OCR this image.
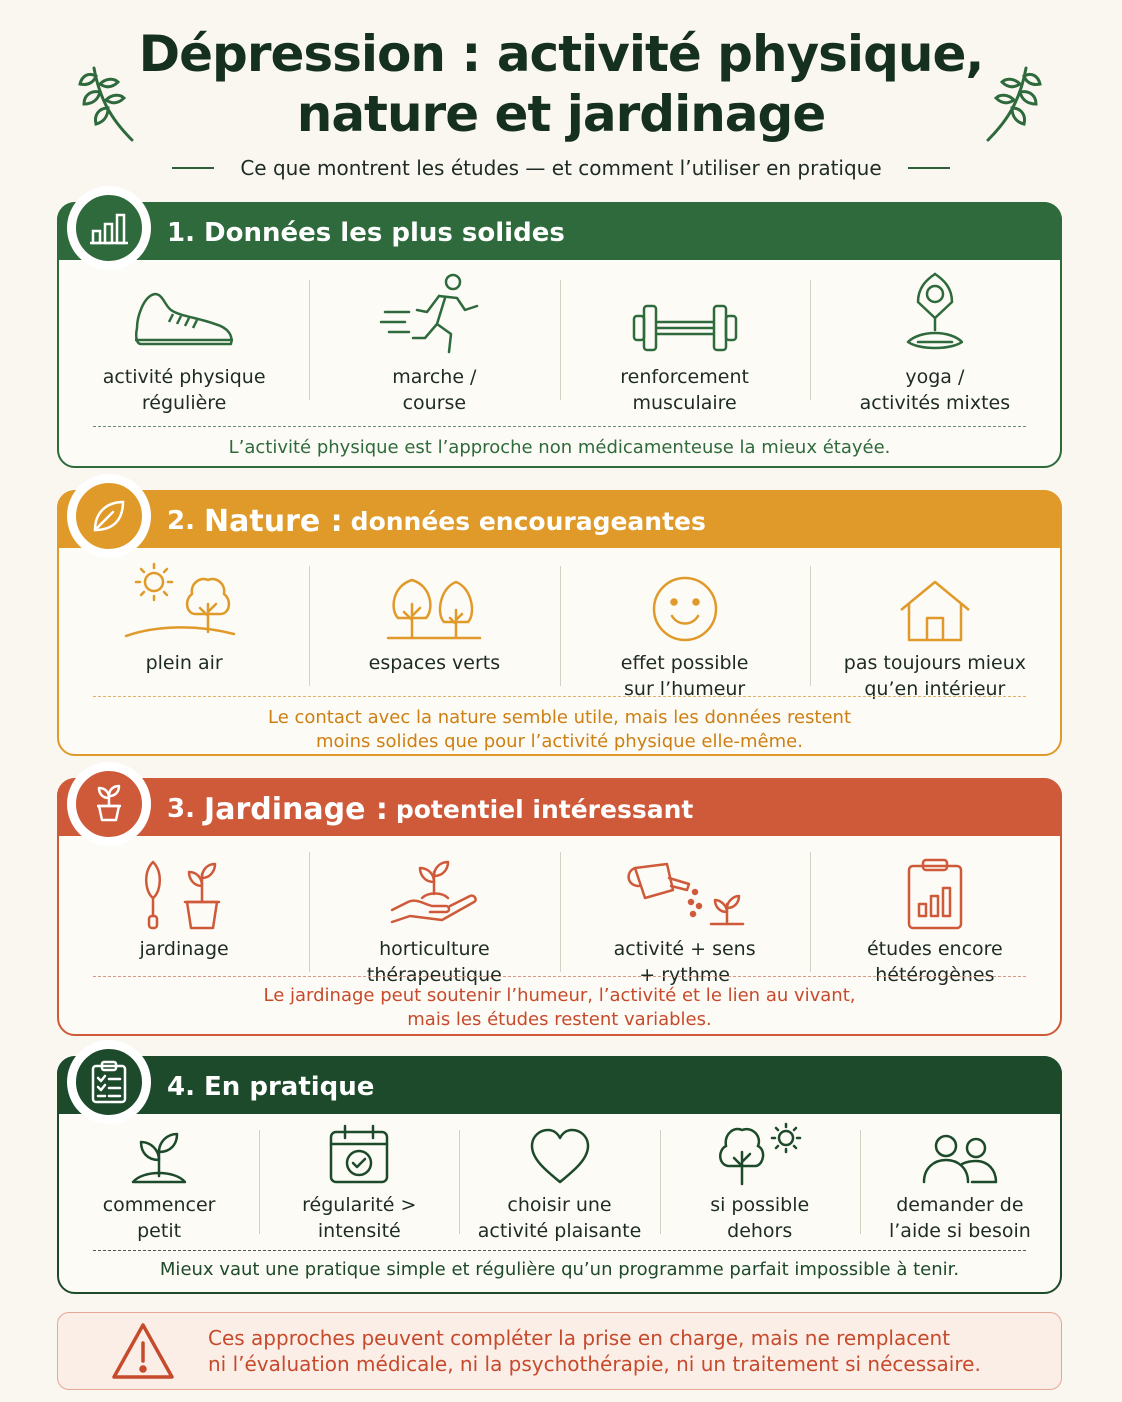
Dépression : activité physique,
nature et jardinage
Ce que montrent les études — et comment l’utiliser en pratique
1.
Données les plus solides
activité physique
régulière
marche /
course
renforcement
musculaire
yoga /
activités mixtes
L’activité physique est l’approche non médicamenteuse la mieux étayée.
2.
Nature : données encourageantes
plein air	espaces verts	effet possible
sur l’humeur
pas toujours mieux
qu’en intérieur
Le contact avec la nature semble utile, mais les données restent
moins solides que pour l’activité physique elle-même.
3.
Jardinage : potentiel intéressant
jardinage	horticulture
thérapeutique
activité + sens
+ rythme
études encore
hétérogènes
Le jardinage peut soutenir l’humeur, l’activité et le lien au vivant,
mais les études restent variables.
4.
En pratique
commencer
petit
régularité >
intensité
choisir une
activité plaisante
si possible
dehors
demander de
l’aide si besoin
Mieux vaut une pratique simple et régulière qu’un programme parfait impossible à tenir.
Ces approches peuvent compléter la prise en charge, mais ne remplacent
ni l’évaluation médicale, ni la psychothérapie, ni un traitement si nécessaire.
